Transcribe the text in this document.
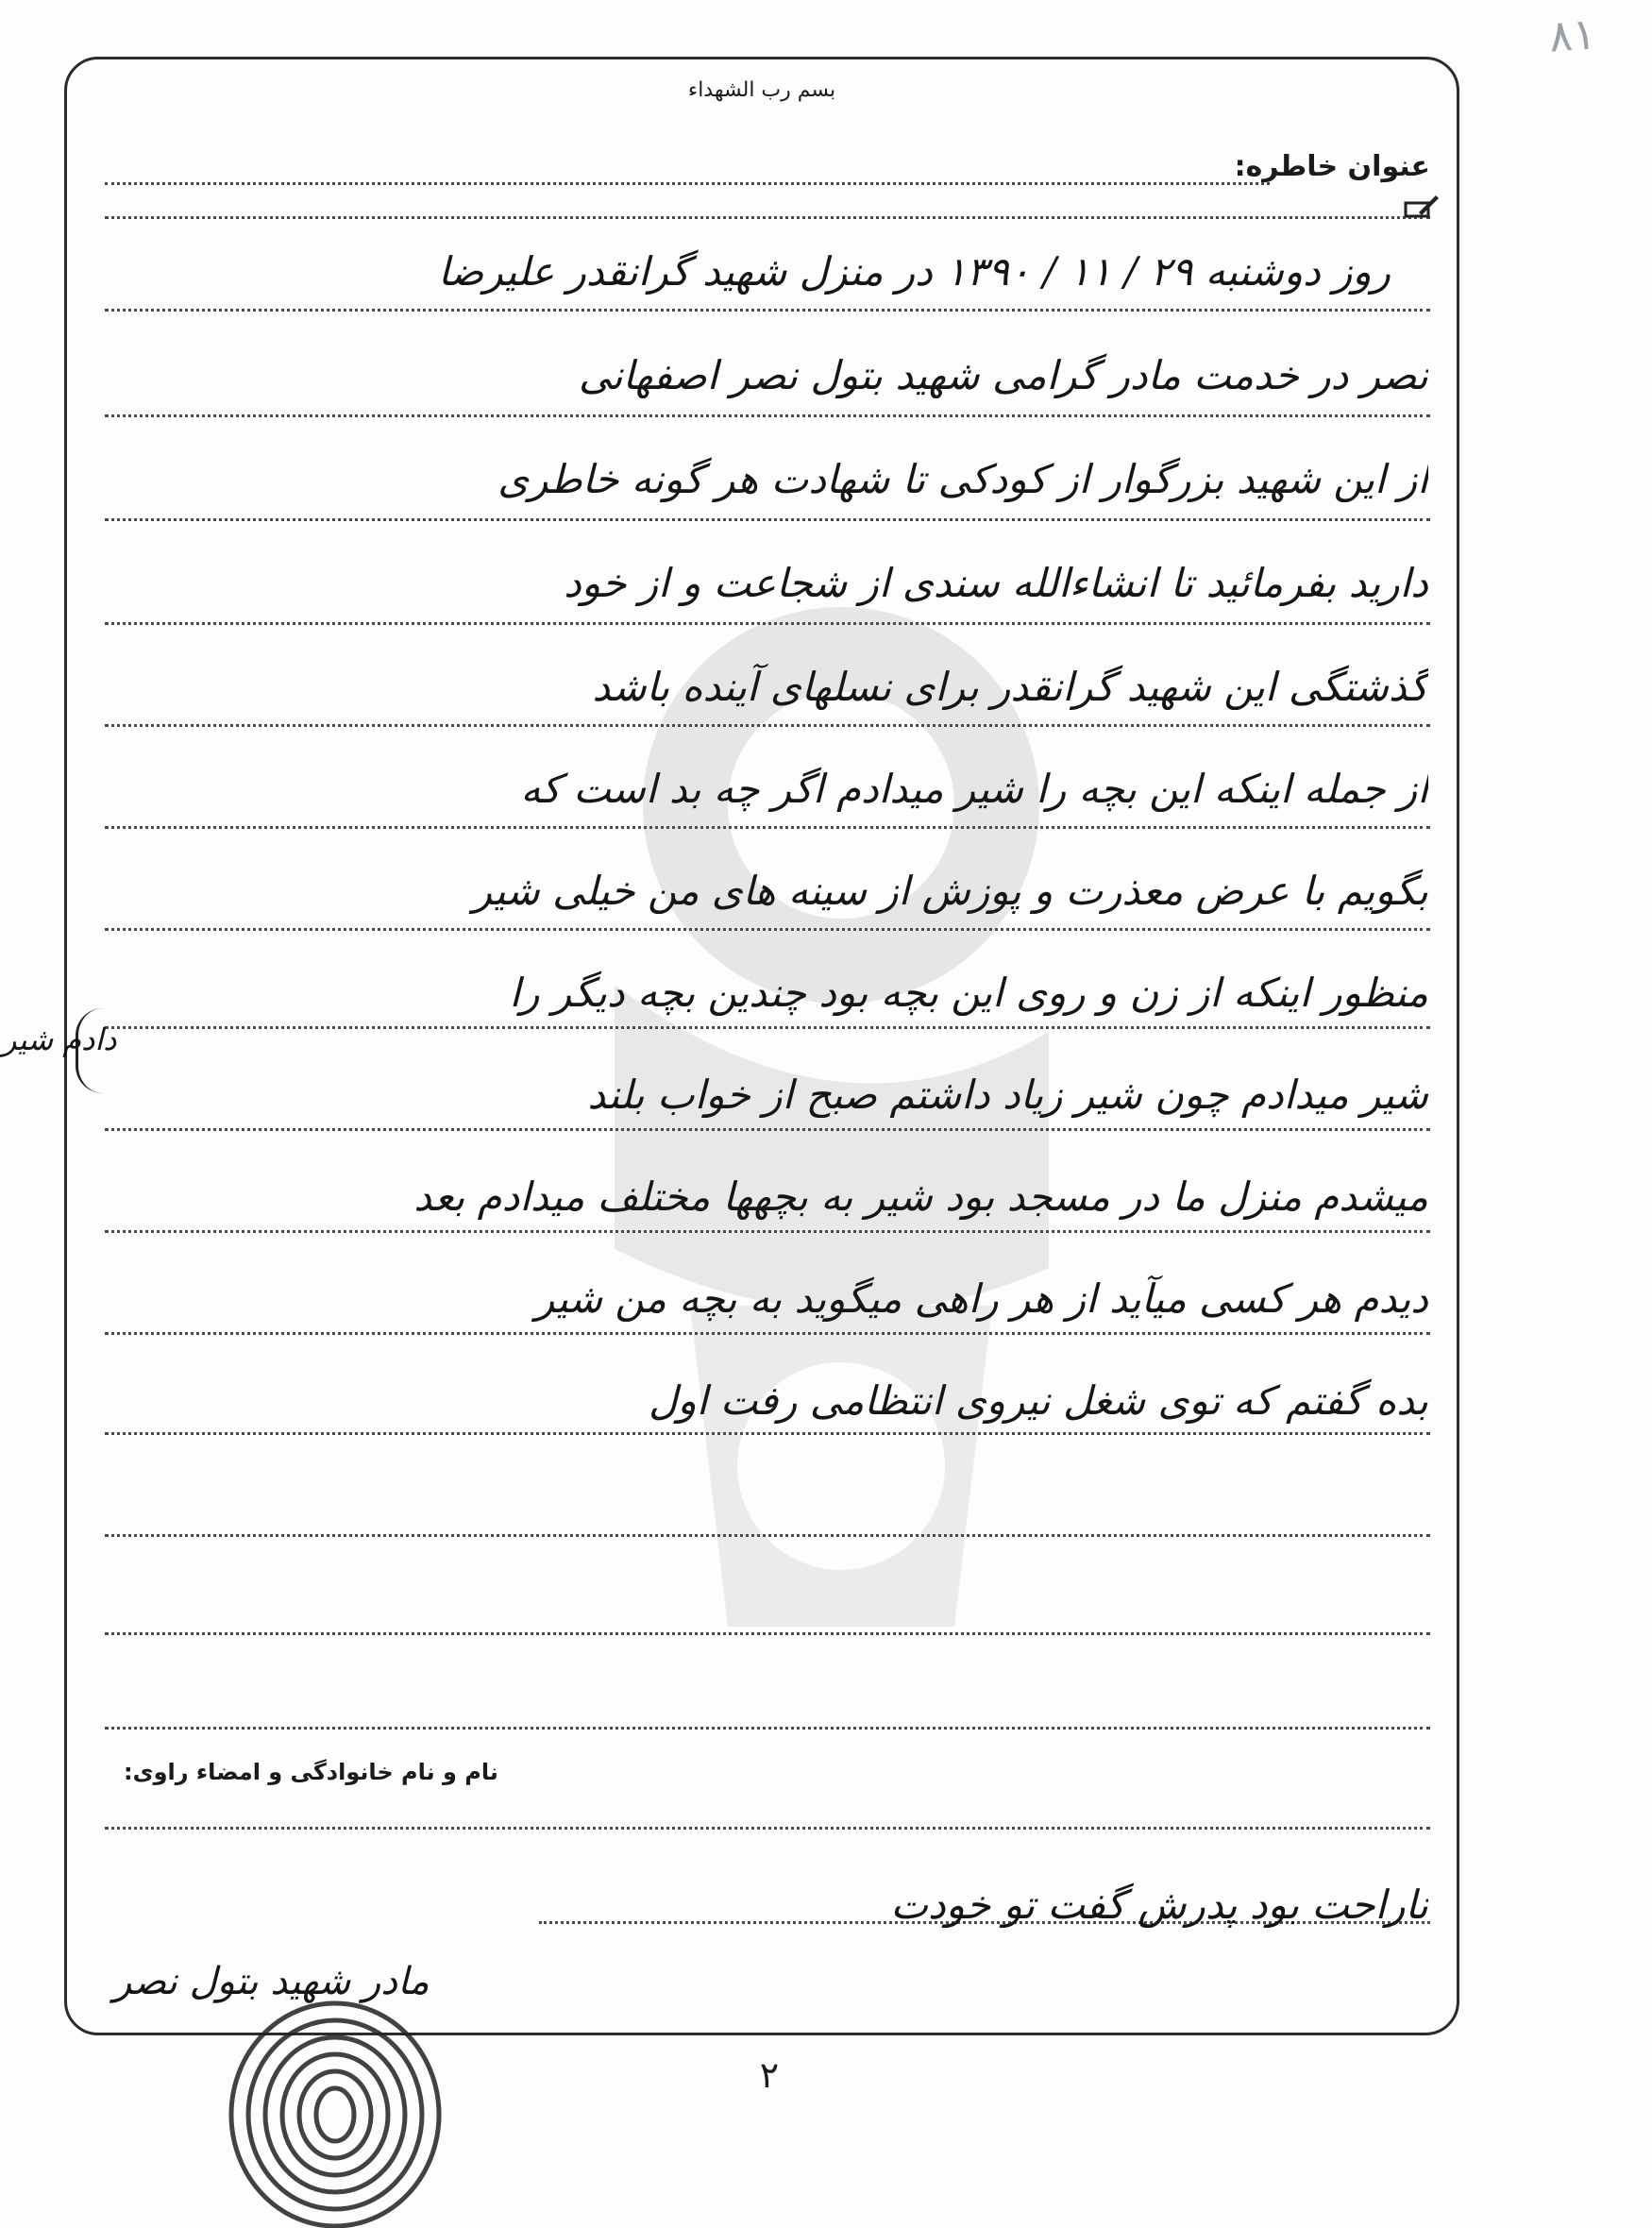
۸۱
بسم رب الشهداء
عنوان خاطره:
روز دوشنبه ۲۹ / ۱۱ / ۱۳۹۰ در منزل شهید گرانقدر علیرضا
نصر در خدمت مادر گرامی شهید بتول نصر اصفهانی
از این شهید بزرگوار از کودکی تا شهادت هر گونه خاطری
دارید بفرمائید تا انشاءالله سندی از شجاعت و از خود
گذشتگی این شهید گرانقدر برای نسلهای آینده باشد
از جمله اینکه این بچه را شیر میدادم اگر چه بد است که
بگویم با عرض معذرت و پوزش از سینه های من خیلی شیر
منظور اینکه از زن و روی این بچه بود چندین بچه دیگر را
شیر میدادم چون شیر زیاد داشتم صبح از خواب بلند
میشدم منزل ما در مسجد بود شیر به بچهها مختلف میدادم بعد
دیدم هر کسی میآید از هر راهی میگوید به بچه من شیر
بده گفتم که توی شغل نیروی انتظامی رفت اول
ناراحت بود پدرش گفت تو خودت
نام و نام خانوادگی و امضاء راوی:
دادم شیر
مادر شهید بتول نصر
۲
